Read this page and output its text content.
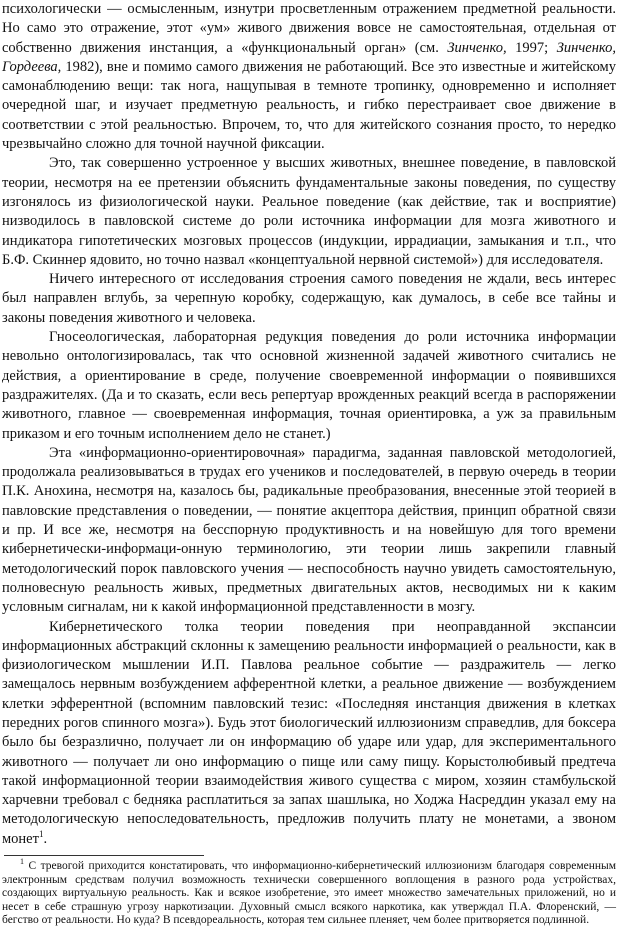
психологически — осмысленным, изнутри просветленным отражением предметной реальности. Но само это отражение, этот «ум» живого движения вовсе не самостоятельная, отдельная от собственно движения инстанция, а «функциональный орган» (см. Зинченко, 1997; Зинченко, Гордеева, 1982), вне и помимо самого движения не работающий. Все это известные и житейскому самонаблюдению вещи: так нога, нащупывая в темноте тропинку, одновременно и исполняет очередной шаг, и изучает предметную реальность, и гибко перестраивает свое движение в соответствии с этой реальностью. Впрочем, то, что для житейского сознания просто, то нередко чрезвычайно сложно для точной научной фиксации.

Это, так совершенно устроенное у высших животных, внешнее поведение, в павловской теории, несмотря на ее претензии объяснить фундаментальные законы поведения, по существу изгонялось из физиологической науки. Реальное поведение (как действие, так и восприятие) низводилось в павловской системе до роли источника информации для мозга животного и индикатора гипотетических мозговых процессов (индукции, иррадиации, замыкания и т.п., что Б.Ф. Скиннер ядовито, но точно назвал «концептуальной нервной системой») для исследователя.

Ничего интересного от исследования строения самого поведения не ждали, весь интерес был направлен вглубь, за черепную коробку, содержащую, как думалось, в себе все тайны и законы поведения животного и человека.

Гносеологическая, лабораторная редукция поведения до роли источника информации невольно онтологизировалась, так что основной жизненной задачей животного считались не действия, а ориентирование в среде, получение своевременной информации о появившихся раздражителях. (Да и то сказать, если весь репертуар врожденных реакций всегда в распоряжении животного, главное — своевременная информация, точная ориентировка, а уж за правильным приказом и его точным исполнением дело не станет.)

Эта «информационно-ориентировочная» парадигма, заданная павловской методологией, продолжала реализовываться в трудах его учеников и последователей, в первую очередь в теории П.К. Анохина, несмотря на, казалось бы, радикальные преобразования, внесенные этой теорией в павловские представления о поведении, — понятие акцептора действия, принцип обратной связи и пр. И все же, несмотря на бесспорную продуктивность и на новейшую для того времени кибернетически-информаци-онную терминологию, эти теории лишь закрепили главный методологический порок павловского учения — неспособность научно увидеть самостоятельную, полновесную реальность живых, предметных двигательных актов, несводимых ни к каким условным сигналам, ни к какой информационной представленности в мозгу.

Кибернетического толка теории поведения при неоправданной экспансии информационных абстракций склонны к замещению реальности информацией о реальности, как в физиологическом мышлении И.П. Павлова реальное событие — раздражитель — легко замещалось нервным возбуждением афферентной клетки, а реальное движение — возбуждением клетки эфферентной (вспомним павловский тезис: «Последняя инстанция движения в клетках передних рогов спинного мозга»). Будь этот биологический иллюзионизм справедлив, для боксера было бы безразлично, получает ли он информацию об ударе или удар, для экспериментального животного — получает ли оно информацию о пище или саму пищу. Корыстолюбивый предтеча такой информационной теории взаимодействия живого существа с миром, хозяин стамбульской харчевни требовал с бедняка расплатиться за запах шашлыка, но Ходжа Насреддин указал ему на методологическую непоследовательность, предложив получить плату не монетами, а звоном монет$^1$.

$^1$ С тревогой приходится констатировать, что информационно-кибернетический иллюзионизм благодаря современным электронным средствам получил возможность технически совершенного воплощения в разного рода устройствах, создающих виртуальную реальность. Как и всякое изобретение, это имеет множество замечательных приложений, но и несет в себе страшную угрозу наркотизации. Духовный смысл всякого наркотика, как утверждал П.А. Флоренский, — бегство от реальности. Но куда? В псевдореальность, которая тем сильнее пленяет, чем более притворяется подлинной.
